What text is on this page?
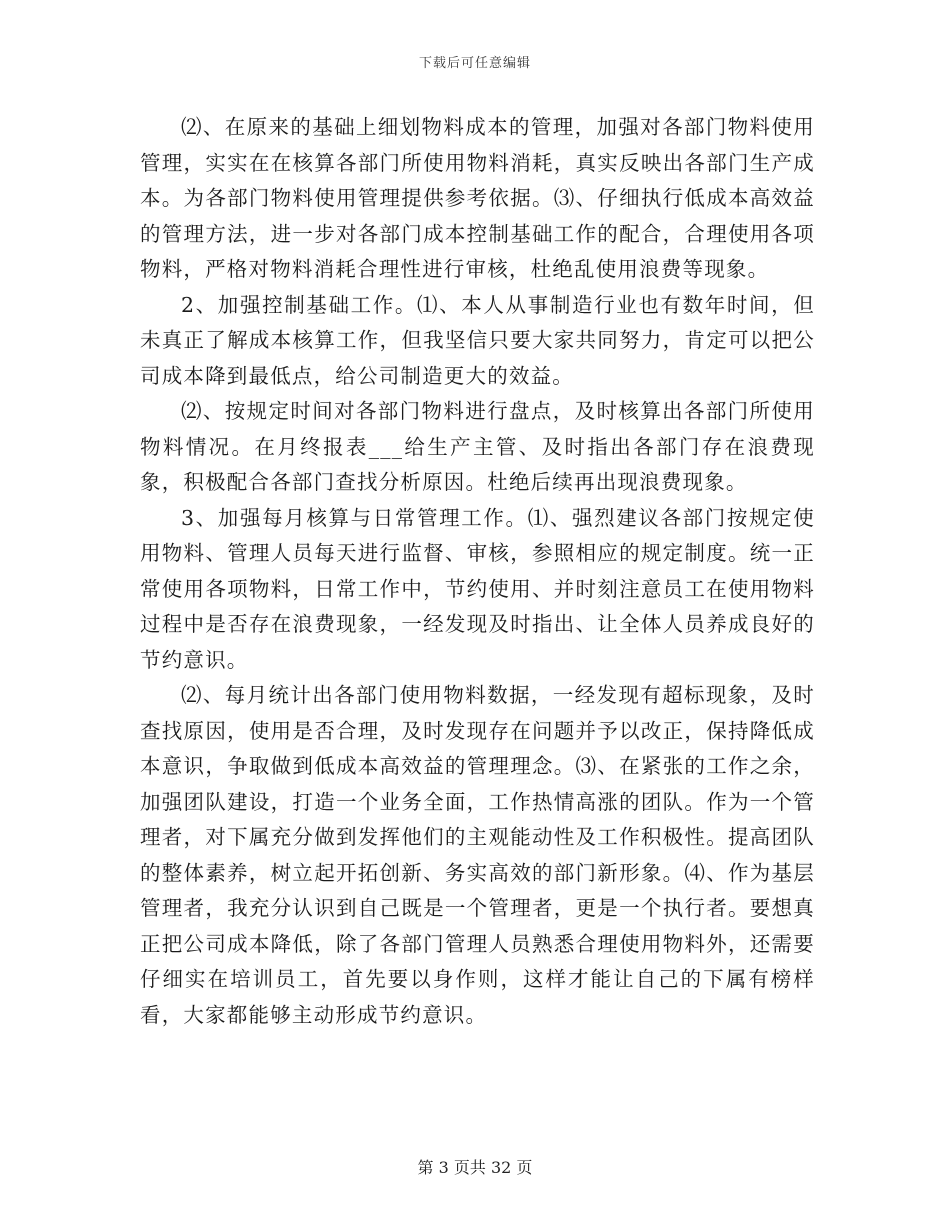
下载后可任意编辑

⑵、在原来的基础上细划物料成本的管理，加强对各部门物料使用管理，实实在在核算各部门所使用物料消耗，真实反映出各部门生产成本。为各部门物料使用管理提供参考依据。⑶、仔细执行低成本高效益的管理方法，进一步对各部门成本控制基础工作的配合，合理使用各项物料，严格对物料消耗合理性进行审核，杜绝乱使用浪费等现象。

2、加强控制基础工作。⑴、本人从事制造行业也有数年时间，但未真正了解成本核算工作，但我坚信只要大家共同努力，肯定可以把公司成本降到最低点，给公司制造更大的效益。

⑵、按规定时间对各部门物料进行盘点，及时核算出各部门所使用物料情况。在月终报表___给生产主管、及时指出各部门存在浪费现象，积极配合各部门查找分析原因。杜绝后续再出现浪费现象。

3、加强每月核算与日常管理工作。⑴、强烈建议各部门按规定使用物料、管理人员每天进行监督、审核，参照相应的规定制度。统一正常使用各项物料，日常工作中，节约使用、并时刻注意员工在使用物料过程中是否存在浪费现象，一经发现及时指出、让全体人员养成良好的节约意识。

⑵、每月统计出各部门使用物料数据，一经发现有超标现象，及时查找原因，使用是否合理，及时发现存在问题并予以改正，保持降低成本意识，争取做到低成本高效益的管理理念。⑶、在紧张的工作之余，加强团队建设，打造一个业务全面，工作热情高涨的团队。作为一个管理者，对下属充分做到发挥他们的主观能动性及工作积极性。提高团队的整体素养，树立起开拓创新、务实高效的部门新形象。⑷、作为基层管理者，我充分认识到自己既是一个管理者，更是一个执行者。要想真正把公司成本降低，除了各部门管理人员熟悉合理使用物料外，还需要仔细实在培训员工，首先要以身作则，这样才能让自己的下属有榜样看，大家都能够主动形成节约意识。

第 3 页共 32 页
